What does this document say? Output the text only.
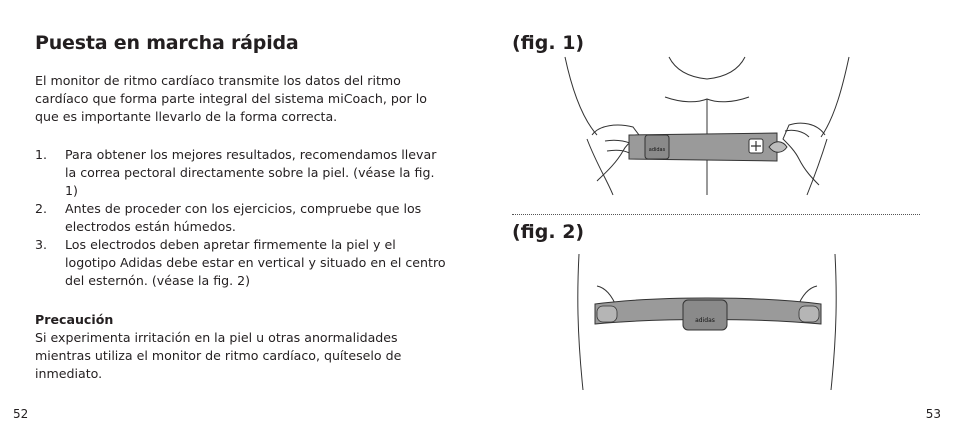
Puesta en marcha rápida

El monitor de ritmo cardíaco transmite los datos del ritmo cardíaco que forma parte integral del sistema miCoach, por lo que es importante llevarlo de la forma correcta.

1. Para obtener los mejores resultados, recomendamos llevar la correa pectoral directamente sobre la piel. (véase la fig. 1)
2. Antes de proceder con los ejercicios, compruebe que los electrodos están húmedos.
3. Los electrodos deben apretar firmemente la piel y el logotipo Adidas debe estar en vertical y situado en el centro del esternón. (véase la fig. 2)

Precaución

Si experimenta irritación en la piel u otras anormalidades mientras utiliza el monitor de ritmo cardíaco, quíteselo de inmediato.

52
(fig. 1)
adidas
(fig. 2)
adidas
53
